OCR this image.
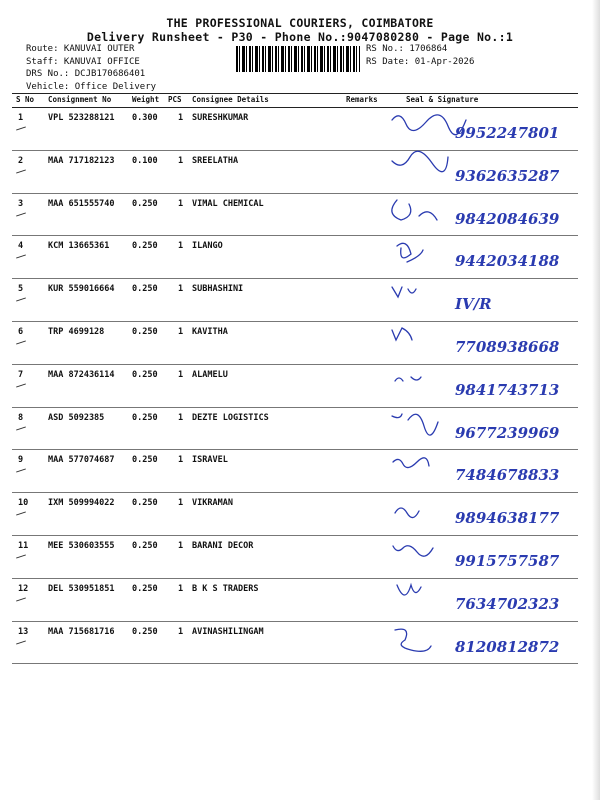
THE PROFESSIONAL COURIERS, COIMBATORE
Delivery Runsheet - P30 - Phone No.:9047080280 - Page No.:1
Route: KANUVAI OUTER
Staff: KANUVAI OFFICE
DRS No.: DCJB170686401
Vehicle: Office Delivery
RS No.: 1706864
RS Date: 01-Apr-2026
S No Consignment No	Weight PCS Consignee Details	Remarks	Seal & Signature
1	VPL 523288121 0.300 1 SURESHKUMAR
9952247801
2	MAA 717182123 0.100 1 SREELATHA
9362635287
3	MAA 651555740 0.250 1 VIMAL CHEMICAL
9842084639
4	KCM 13665361	0.250 1 ILANGO
9442034188
5	KUR 559016664 0.250 1 SUBHASHINI
IV/R
6	TRP 4699128	0.250 1 KAVITHA
7708938668
7	MAA 872436114 0.250 1 ALAMELU
9841743713
8	ASD 5092385	0.250 1 DEZTE LOGISTICS
9677239969
9	MAA 577074687 0.250 1 ISRAVEL
7484678833
10 IXM 509994022 0.250 1 VIKRAMAN
9894638177
11 MEE 530603555 0.250 1 BARANI DECOR
9915757587
12 DEL 530951851 0.250 1 B K S TRADERS
7634702323
13 MAA 715681716 0.250 1 AVINASHILINGAM
8120812872
